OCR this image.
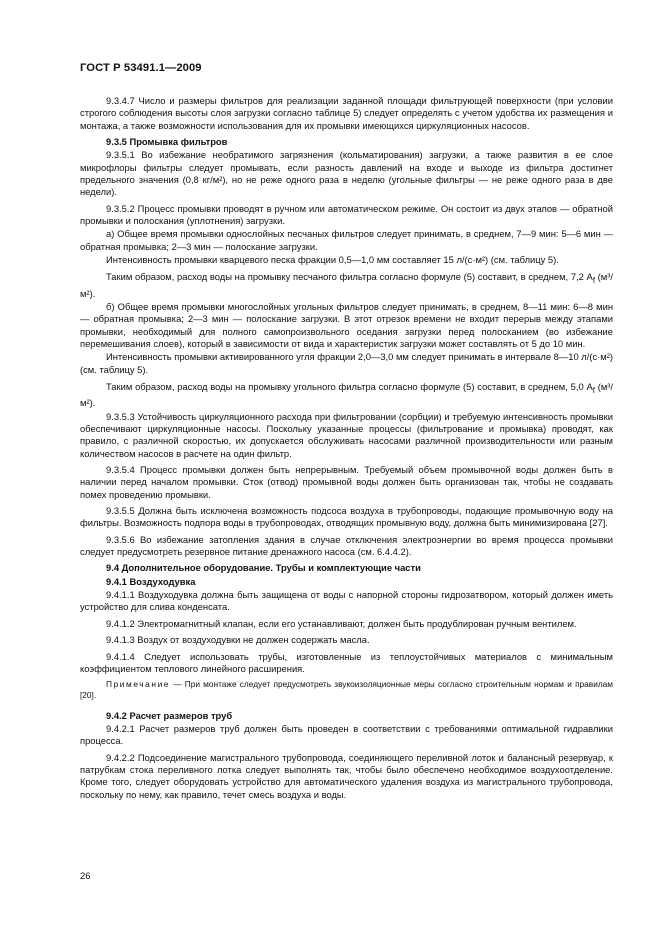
ГОСТ Р 53491.1—2009

9.3.4.7 Число и размеры фильтров для реализации заданной площади фильтрующей поверхности (при условии строгого соблюдения высоты слоя загрузки согласно таблице 5) следует определять с учетом удобства их размещения и монтажа, а также возможности использования для их промывки имеющихся циркуляционных насосов.

9.3.5 Промывка фильтров

9.3.5.1 Во избежание необратимого загрязнения (кольматирования) загрузки, а также развития в ее слое микрофлоры фильтры следует промывать, если разность давлений на входе и выходе из фильтра достигнет предельного значения (0,8 кг/м²), но не реже одного раза в неделю (угольные фильтры — не реже одного раза в две недели).

9.3.5.2 Процесс промывки проводят в ручном или автоматическом режиме. Он состоит из двух этапов — обратной промывки и полоскания (уплотнения) загрузки.

а) Общее время промывки однослойных песчаных фильтров следует принимать, в среднем, 7—9 мин: 5—6 мин — обратная промывка; 2—3 мин — полоскание загрузки.

Интенсивность промывки кварцевого песка фракции 0,5—1,0 мм составляет 15 л/(с·м²) (см. таблицу 5).

Таким образом, расход воды на промывку песчаного фильтра согласно формуле (5) составит, в среднем, 7,2 $A_f$ (м³/м²).

б) Общее время промывки многослойных угольных фильтров следует принимать, в среднем, 8—11 мин: 6—8 мин — обратная промывка; 2—3 мин — полоскание загрузки. В этот отрезок времени не входит перерыв между этапами промывки, необходимый для полного самопроизвольного оседания загрузки перед полосканием (во избежание перемешивания слоев), который в зависимости от вида и характеристик загрузки может составлять от 5 до 10 мин.

Интенсивность промывки активированного угля фракции 2,0—3,0 мм следует принимать в интервале 8—10 л/(с·м²) (см. таблицу 5).

Таким образом, расход воды на промывку угольного фильтра согласно формуле (5) составит, в среднем, 5,0 $A_f$ (м³/м²).

9.3.5.3 Устойчивость циркуляционного расхода при фильтровании (сорбции) и требуемую интенсивность промывки обеспечивают циркуляционные насосы. Поскольку указанные процессы (фильтрование и промывка) проводят, как правило, с различной скоростью, их допускается обслуживать насосами различной производительности или разным количеством насосов в расчете на один фильтр.

9.3.5.4 Процесс промывки должен быть непрерывным. Требуемый объем промывочной воды должен быть в наличии перед началом промывки. Сток (отвод) промывной воды должен быть организован так, чтобы не создавать помех проведению промывки.

9.3.5.5 Должна быть исключена возможность подсоса воздуха в трубопроводы, подающие промывочную воду на фильтры. Возможность подпора воды в трубопроводах, отводящих промывную воду, должна быть минимизирована [27].

9.3.5.6 Во избежание затопления здания в случае отключения электроэнергии во время процесса промывки следует предусмотреть резервное питание дренажного насоса (см. 6.4.4.2).

9.4 Дополнительное оборудование. Трубы и комплектующие части

9.4.1 Воздуходувка

9.4.1.1 Воздуходувка должна быть защищена от воды с напорной стороны гидрозатвором, который должен иметь устройство для слива конденсата.

9.4.1.2 Электромагнитный клапан, если его устанавливают, должен быть продублирован ручным вентилем.

9.4.1.3 Воздух от воздуходувки не должен содержать масла.

9.4.1.4 Следует использовать трубы, изготовленные из теплоустойчивых материалов с минимальным коэффициентом теплового линейного расширения.

Примечание — При монтаже следует предусмотреть звукоизоляционные меры согласно строительным нормам и правилам [20].

9.4.2 Расчет размеров труб

9.4.2.1 Расчет размеров труб должен быть проведен в соответствии с требованиями оптимальной гидравлики процесса.

9.4.2.2 Подсоединение магистрального трубопровода, соединяющего переливной лоток и балансный резервуар, к патрубкам стока переливного лотка следует выполнять так, чтобы было обеспечено необходимое воздухоотделение. Кроме того, следует оборудовать устройство для автоматического удаления воздуха из магистрального трубопровода, поскольку по нему, как правило, течет смесь воздуха и воды.

26
